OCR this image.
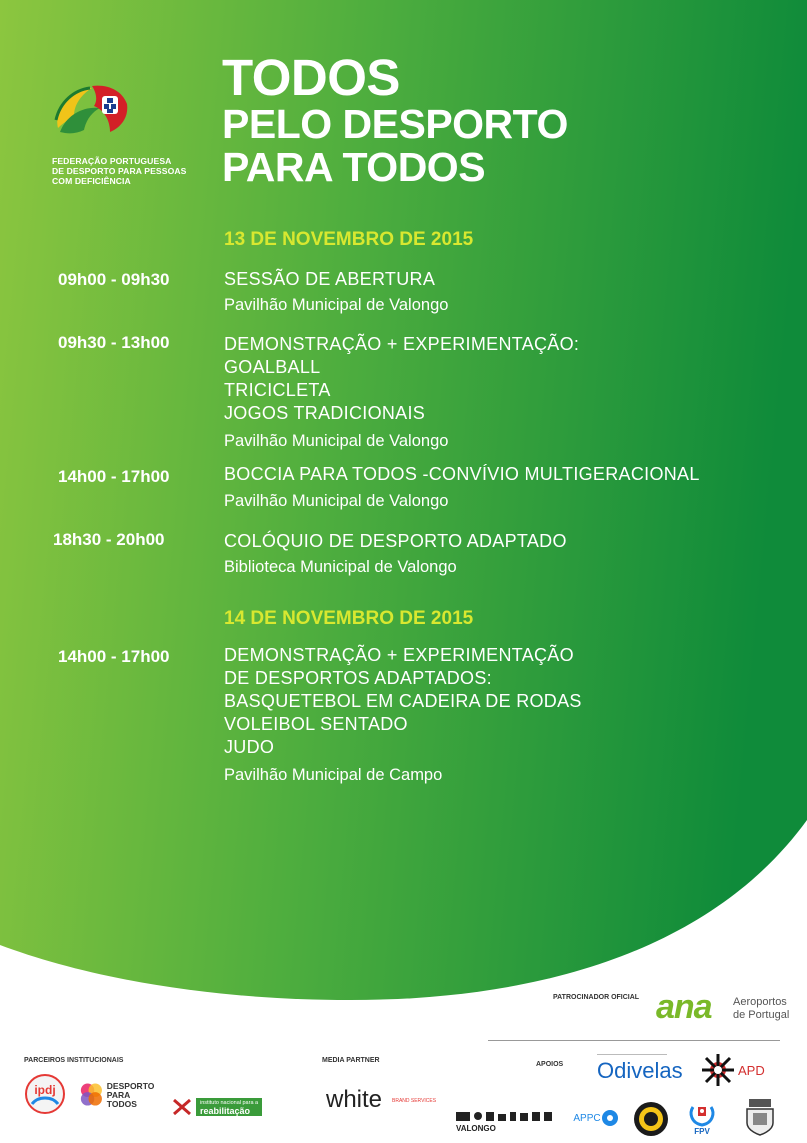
FEDERAÇÃO PORTUGUESA
DE DESPORTO PARA PESSOAS
COM DEFICIÊNCIA
TODOS
PELO DESPORTO
PARA TODOS
13 DE NOVEMBRO DE 2015
09h00 - 09h30	SESSÃO DE ABERTURA
Pavilhão Municipal de Valongo
09h30 - 13h00	DEMONSTRAÇÃO + EXPERIMENTAÇÃO:
GOALBALL
TRICICLETA
JOGOS TRADICIONAIS
Pavilhão Municipal de Valongo
14h00 - 17h00	BOCCIA PARA TODOS -CONVÍVIO MULTIGERACIONAL
Pavilhão Municipal de Valongo
18h30 - 20h00	COLÓQUIO DE DESPORTO ADAPTADO
Biblioteca Municipal de Valongo
14 DE NOVEMBRO DE 2015
14h00 - 17h00	DEMONSTRAÇÃO + EXPERIMENTAÇÃO
DE DESPORTOS ADAPTADOS:
BASQUETEBOL EM CADEIRA DE RODAS
VOLEIBOL SENTADO
JUDO
Pavilhão Municipal de Campo
PATROCINADOR OFICIAL ana Aeroportos
de Portugal
PARCEIROS INSTITUCIONAIS	MEDIA PARTNER
APOIOS
ipdj	DESPORTO
PARA TODOS	instituto nacional para a
reabilitação	white BRAND SERVICES
Odivelas	APD
VALONGO
APPC
FPV
